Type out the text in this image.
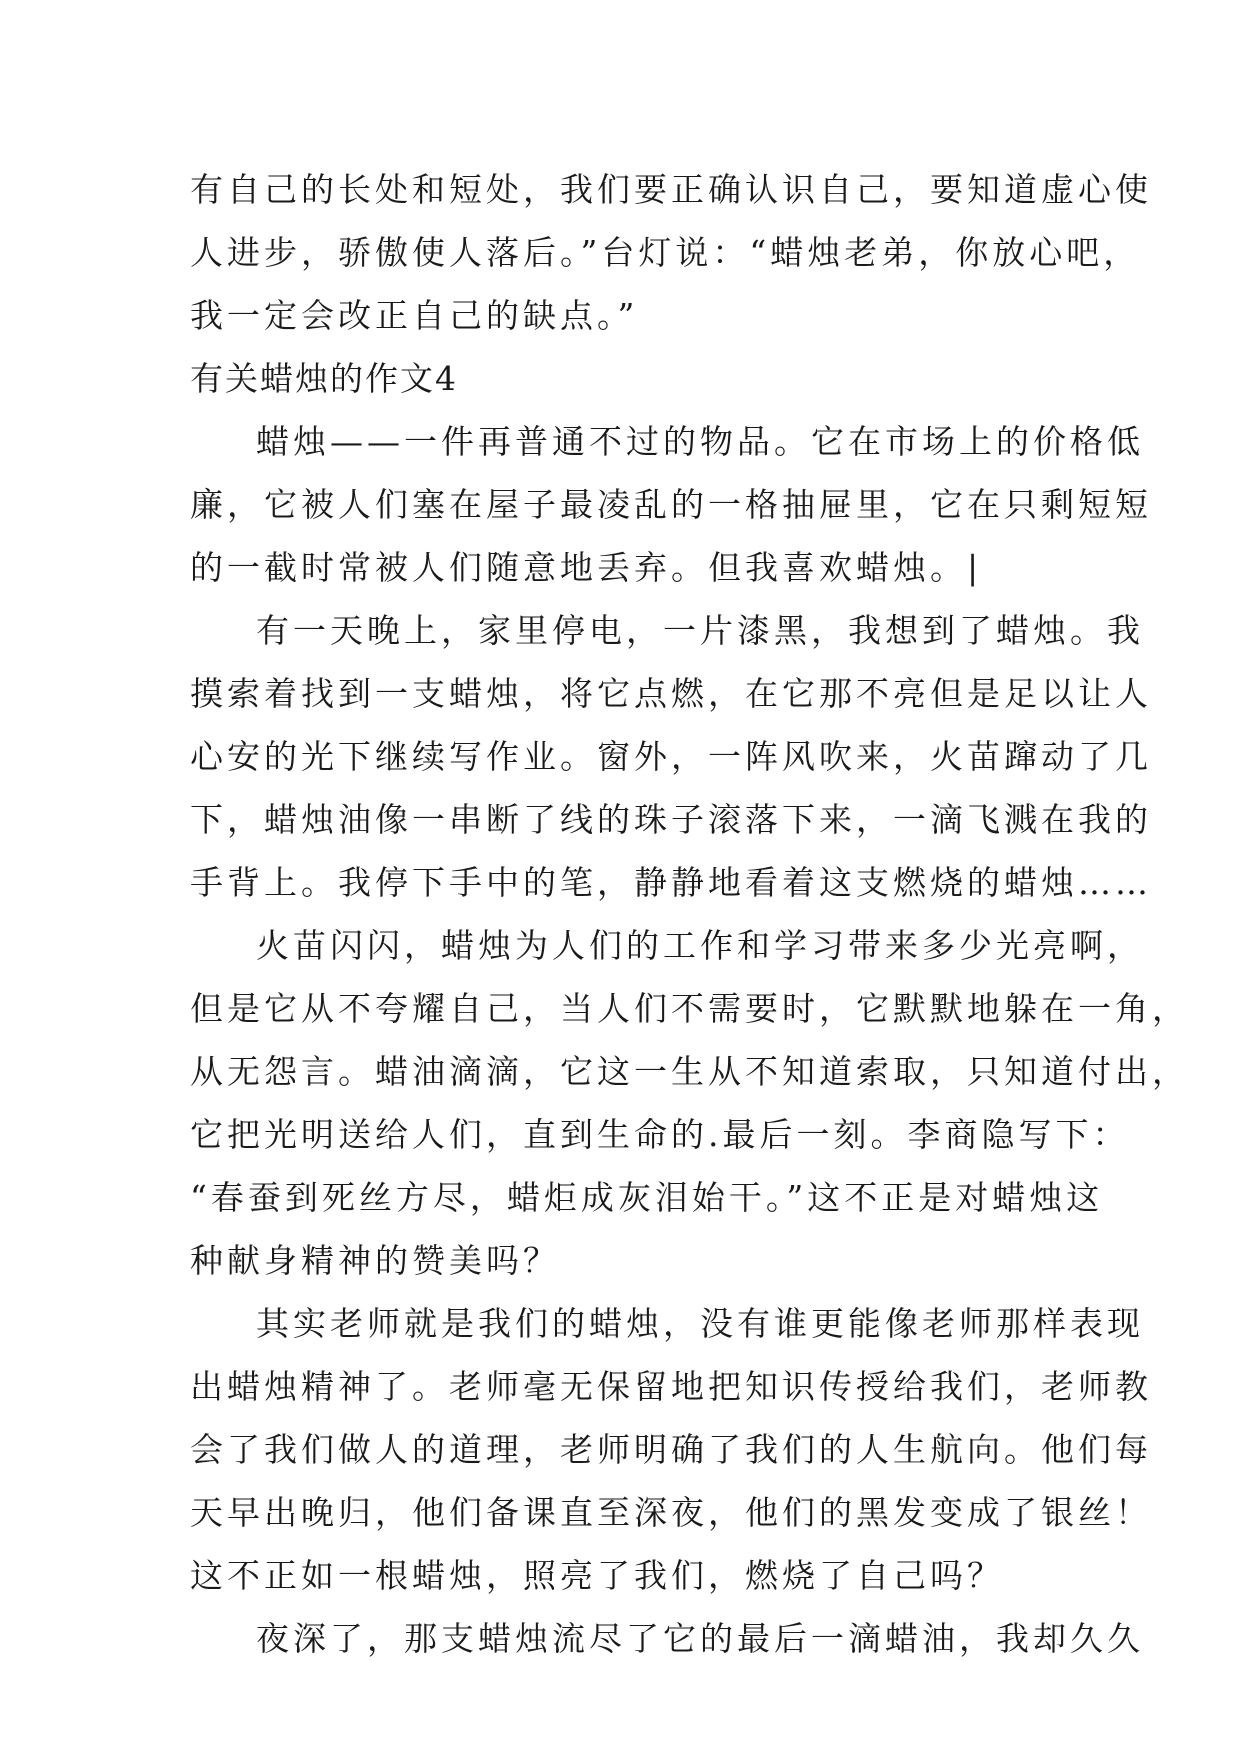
有自己的长处和短处，我们要正确认识自己，要知道虚心使
人进步，骄傲使人落后。”台灯说：“蜡烛老弟，你放心吧，
我一定会改正自己的缺点。”
有关蜡烛的作文4
蜡烛——一件再普通不过的物品。它在市场上的价格低
廉，它被人们塞在屋子最凌乱的一格抽屉里，它在只剩短短
的一截时常被人们随意地丢弃。但我喜欢蜡烛。|
有一天晚上，家里停电，一片漆黑，我想到了蜡烛。我
摸索着找到一支蜡烛，将它点燃，在它那不亮但是足以让人
心安的光下继续写作业。窗外，一阵风吹来，火苗蹿动了几
下，蜡烛油像一串断了线的珠子滚落下来，一滴飞溅在我的
手背上。我停下手中的笔，静静地看着这支燃烧的蜡烛……
火苗闪闪，蜡烛为人们的工作和学习带来多少光亮啊，
但是它从不夸耀自己，当人们不需要时，它默默地躲在一角，
从无怨言。蜡油滴滴，它这一生从不知道索取，只知道付出，
它把光明送给人们，直到生命的.最后一刻。李商隐写下：
“春蚕到死丝方尽，蜡炬成灰泪始干。”这不正是对蜡烛这
种献身精神的赞美吗？
其实老师就是我们的蜡烛，没有谁更能像老师那样表现
出蜡烛精神了。老师毫无保留地把知识传授给我们，老师教
会了我们做人的道理，老师明确了我们的人生航向。他们每
天早出晚归，他们备课直至深夜，他们的黑发变成了银丝！
这不正如一根蜡烛，照亮了我们，燃烧了自己吗？
夜深了，那支蜡烛流尽了它的最后一滴蜡油，我却久久
